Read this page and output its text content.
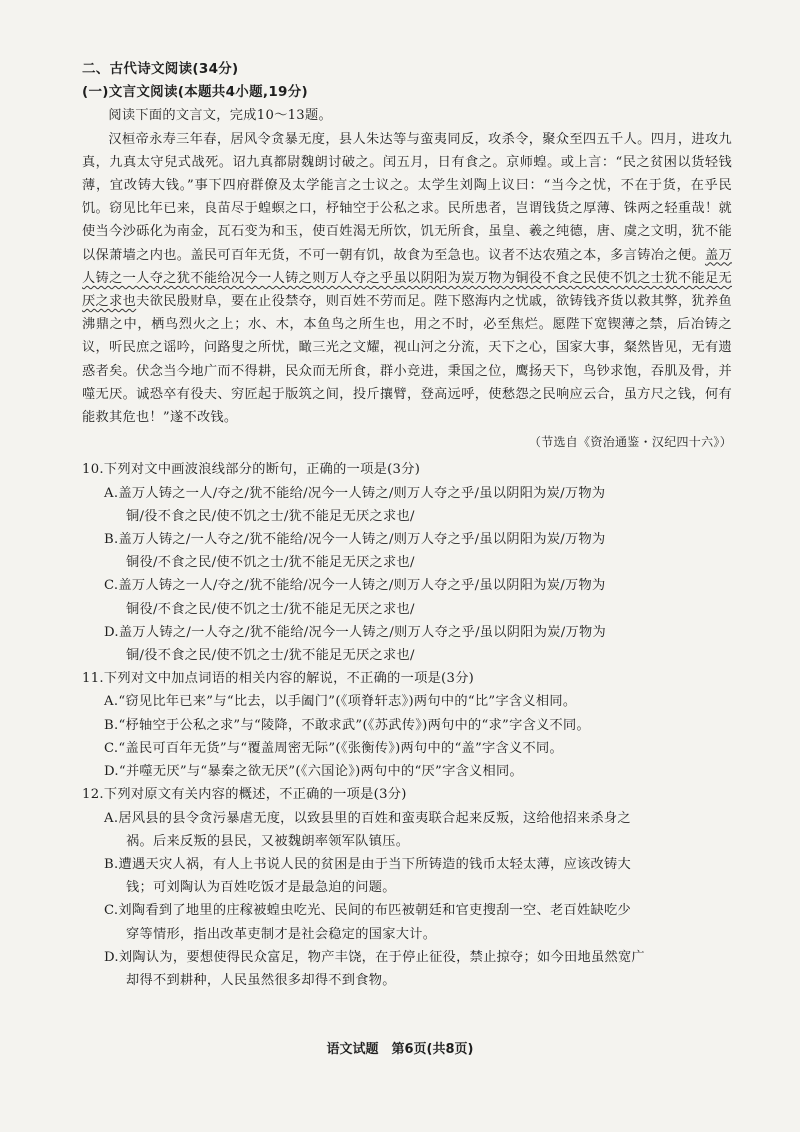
二、古代诗文阅读(34分)
(一)文言文阅读(本题共4小题,19分)
阅读下面的文言文，完成10～13题。
汉桓帝永寿三年春，居风令贪暴无度，县人朱达等与蛮夷同反，攻杀令，聚众至四五千人。四月，进攻九真，九真太守兒式战死。诏九真都尉魏朗讨破之。闰五月，日有食之。京师蝗。或上言：“民之贫困以货轻钱薄，宜改铸大钱。”事下四府群僚及太学能言之士议之。太学生刘陶上议曰：“当今之忧，不在于货，在乎民饥。窃见比年已来，良苗尽于蝗螟之口，杼轴空于公私之求。民所患者，岂谓钱货之厚薄、铢两之轻重哉！就使当今沙砾化为南金，瓦石变为和玉，使百姓渴无所饮，饥无所食，虽皇、羲之纯德，唐、虞之文明，犹不能以保萧墙之内也。盖民可百年无货，不可一朝有饥，故食为至急也。议者不达农殖之本，多言铸冶之便。盖万人铸之一人夺之犹不能给况今一人铸之则万人夺之乎虽以阴阳为炭万物为铜役不食之民使不饥之士犹不能足无厌之求也夫欲民殷财阜，要在止役禁夺，则百姓不劳而足。陛下愍海内之忧戚，欲铸钱齐货以救其弊，犹养鱼沸鼎之中，栖鸟烈火之上；水、木，本鱼鸟之所生也，用之不时，必至焦烂。愿陛下宽锲薄之禁，后冶铸之议，听民庶之谣吟，问路叟之所忧，瞰三光之文耀，视山河之分流，天下之心，国家大事，粲然皆见，无有遗惑者矣。伏念当今地广而不得耕，民众而无所食，群小竞进，秉国之位，鹰扬天下，鸟钞求饱，吞肌及骨，并噬无厌。诚恐卒有役夫、穷匠起于版筑之间，投斤攘臂，登高远呼，使愁怨之民响应云合，虽方尺之钱，何有能救其危也！”遂不改钱。
（节选自《资治通鉴・汉纪四十六》）
10.下列对文中画波浪线部分的断句，正确的一项是(3分)
A.盖万人铸之一人/夺之/犹不能给/况今一人铸之/则万人夺之乎/虽以阴阳为炭/万物为
铜/役不食之民/使不饥之士/犹不能足无厌之求也/
B.盖万人铸之/一人夺之/犹不能给/况今一人铸之/则万人夺之乎/虽以阴阳为炭/万物为
铜役/不食之民/使不饥之士/犹不能足无厌之求也/
C.盖万人铸之一人/夺之/犹不能给/况今一人铸之/则万人夺之乎/虽以阴阳为炭/万物为
铜役/不食之民/使不饥之士/犹不能足无厌之求也/
D.盖万人铸之/一人夺之/犹不能给/况今一人铸之/则万人夺之乎/虽以阴阳为炭/万物为
铜/役不食之民/使不饥之士/犹不能足无厌之求也/
11.下列对文中加点词语的相关内容的解说，不正确的一项是(3分)
A.“窃见比年已来”与“比去，以手阖门”(《项脊轩志》)两句中的“比”字含义相同。
B.“杼轴空于公私之求”与“陵降，不敢求武”(《苏武传》)两句中的“求”字含义不同。
C.“盖民可百年无货”与“覆盖周密无际”(《张衡传》)两句中的“盖”字含义不同。
D.“并噬无厌”与“暴秦之欲无厌”(《六国论》)两句中的“厌”字含义相同。
12.下列对原文有关内容的概述，不正确的一项是(3分)
A.居风县的县令贪污暴虐无度，以致县里的百姓和蛮夷联合起来反叛，这给他招来杀身之
祸。后来反叛的县民，又被魏朗率领军队镇压。
B.遭遇天灾人祸，有人上书说人民的贫困是由于当下所铸造的钱币太轻太薄，应该改铸大
钱；可刘陶认为百姓吃饭才是最急迫的问题。
C.刘陶看到了地里的庄稼被蝗虫吃光、民间的布匹被朝廷和官吏搜刮一空、老百姓缺吃少
穿等情形，指出改革吏制才是社会稳定的国家大计。
D.刘陶认为，要想使得民众富足，物产丰饶，在于停止征役，禁止掠夺；如今田地虽然宽广
却得不到耕种，人民虽然很多却得不到食物。
语文试题　第6页(共8页)
